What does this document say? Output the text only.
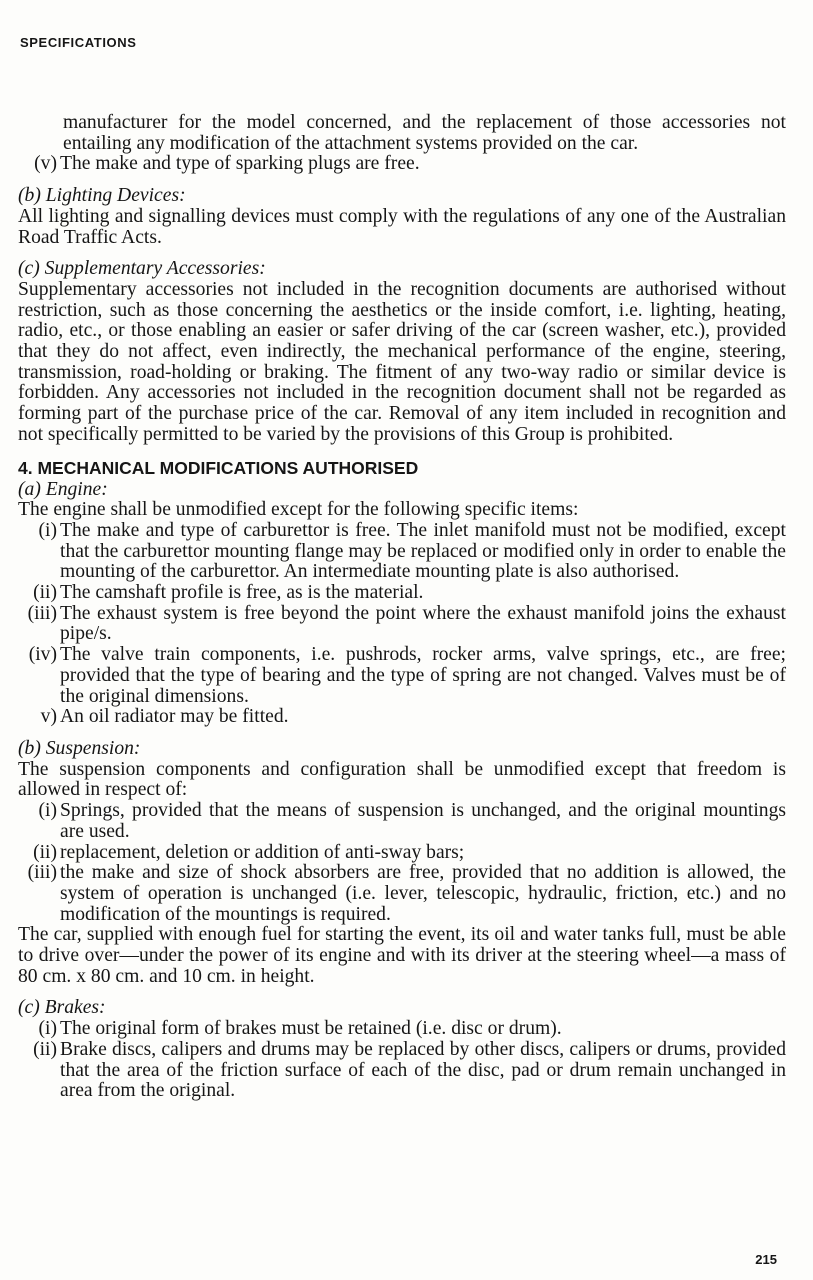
SPECIFICATIONS

manufacturer for the model concerned, and the replacement of those accessories not entailing any modification of the attachment systems provided on the car.

(v) The make and type of sparking plugs are free.

(b) Lighting Devices:

All lighting and signalling devices must comply with the regulations of any one of the Australian Road Traffic Acts.

(c) Supplementary Accessories:

Supplementary accessories not included in the recognition documents are authorised without restriction, such as those concerning the aesthetics or the inside comfort, i.e. lighting, heating, radio, etc., or those enabling an easier or safer driving of the car (screen washer, etc.), provided that they do not affect, even indirectly, the mechanical performance of the engine, steering, transmission, road-holding or braking. The fitment of any two-way radio or similar device is forbidden. Any accessories not included in the recognition document shall not be regarded as forming part of the purchase price of the car. Removal of any item included in recognition and not specifically permitted to be varied by the provisions of this Group is prohibited.

4. MECHANICAL MODIFICATIONS AUTHORISED

(a) Engine:

The engine shall be unmodified except for the following specific items:

(i) The make and type of carburettor is free. The inlet manifold must not be modified, except that the carburettor mounting flange may be replaced or modified only in order to enable the mounting of the carburettor. An intermediate mounting plate is also authorised.
(ii) The camshaft profile is free, as is the material.
(iii) The exhaust system is free beyond the point where the exhaust manifold joins the exhaust pipe/s.
(iv) The valve train components, i.e. pushrods, rocker arms, valve springs, etc., are free; provided that the type of bearing and the type of spring are not changed. Valves must be of the original dimensions.
v) An oil radiator may be fitted.

(b) Suspension:

The suspension components and configuration shall be unmodified except that freedom is allowed in respect of:

(i) Springs, provided that the means of suspension is unchanged, and the original mountings are used.
(ii) replacement, deletion or addition of anti-sway bars;
(iii) the make and size of shock absorbers are free, provided that no addition is allowed, the system of operation is unchanged (i.e. lever, telescopic, hydraulic, friction, etc.) and no modification of the mountings is required.

The car, supplied with enough fuel for starting the event, its oil and water tanks full, must be able to drive over—under the power of its engine and with its driver at the steering wheel—a mass of 80 cm. x 80 cm. and 10 cm. in height.

(c) Brakes:

(i) The original form of brakes must be retained (i.e. disc or drum).
(ii) Brake discs, calipers and drums may be replaced by other discs, calipers or drums, provided that the area of the friction surface of each of the disc, pad or drum remain unchanged in area from the original.
215
